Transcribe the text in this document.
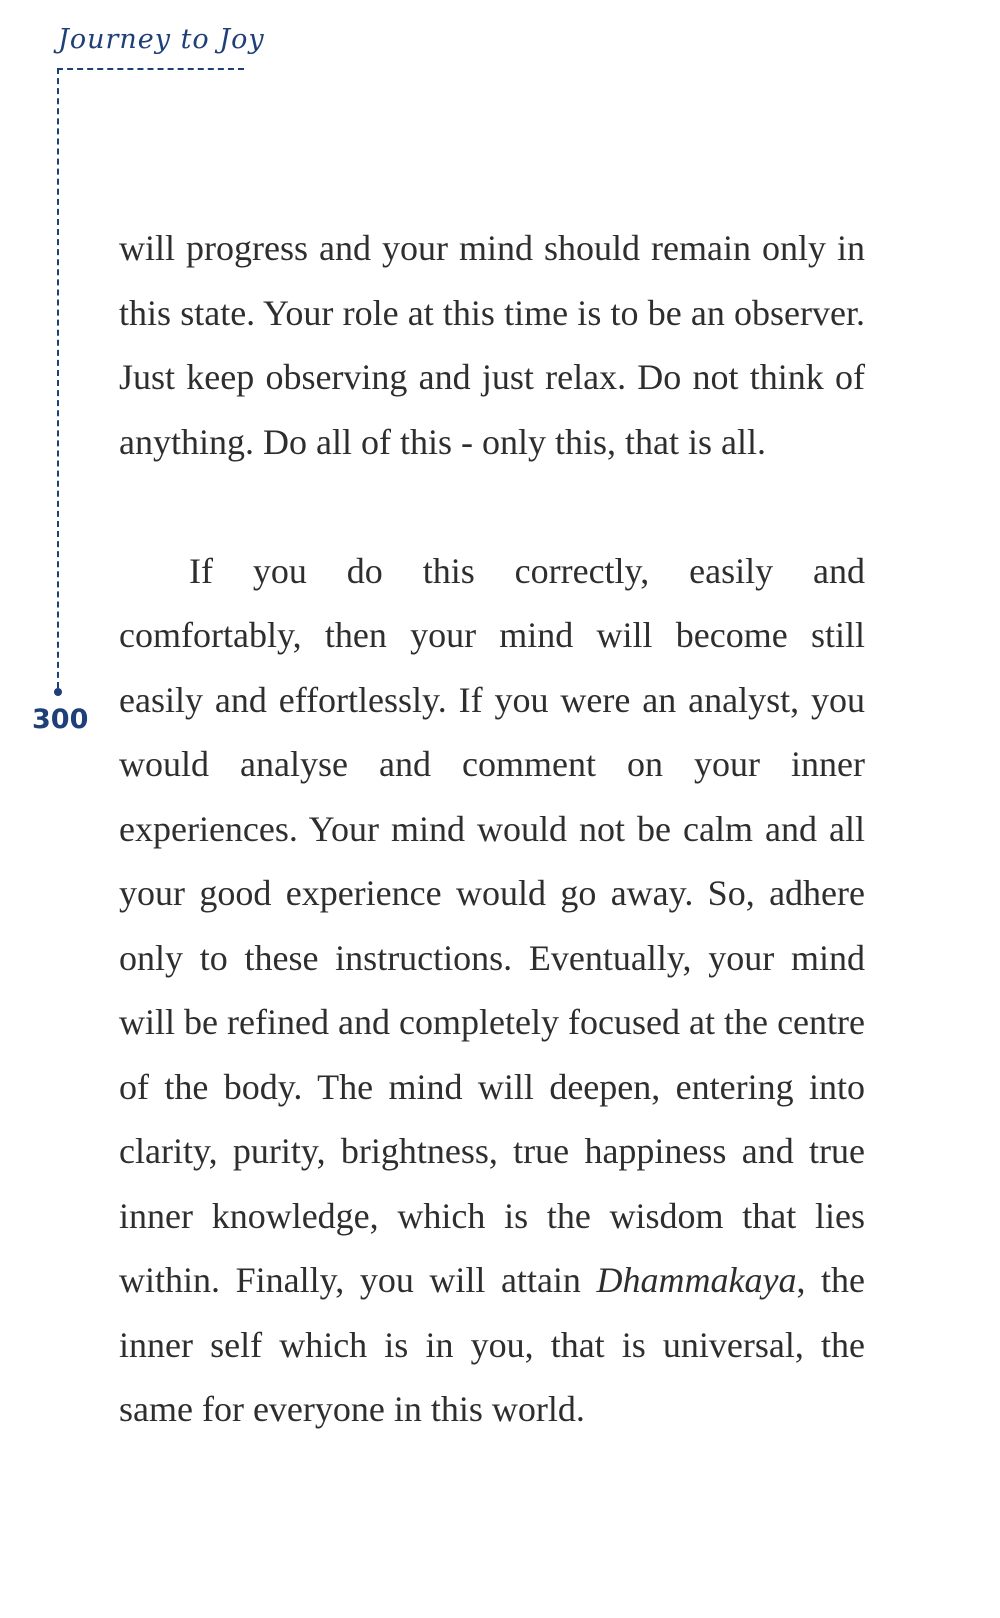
Journey to Joy
300

will progress and your mind should remain only in this state. Your role at this time is to be an observer. Just keep observing and just relax. Do not think of anything. Do all of this - only this, that is all.

If you do this correctly, easily and comfortably, then your mind will become still easily and effortlessly. If you were an analyst, you would analyse and comment on your inner experiences. Your mind would not be calm and all your good experience would go away. So, adhere only to these instructions. Eventually, your mind will be refined and completely focused at the centre of the body. The mind will deepen, entering into clarity, purity, brightness, true happiness and true inner knowledge, which is the wisdom that lies within. Finally, you will attain Dhammakaya, the inner self which is in you, that is universal, the same for everyone in this world.
